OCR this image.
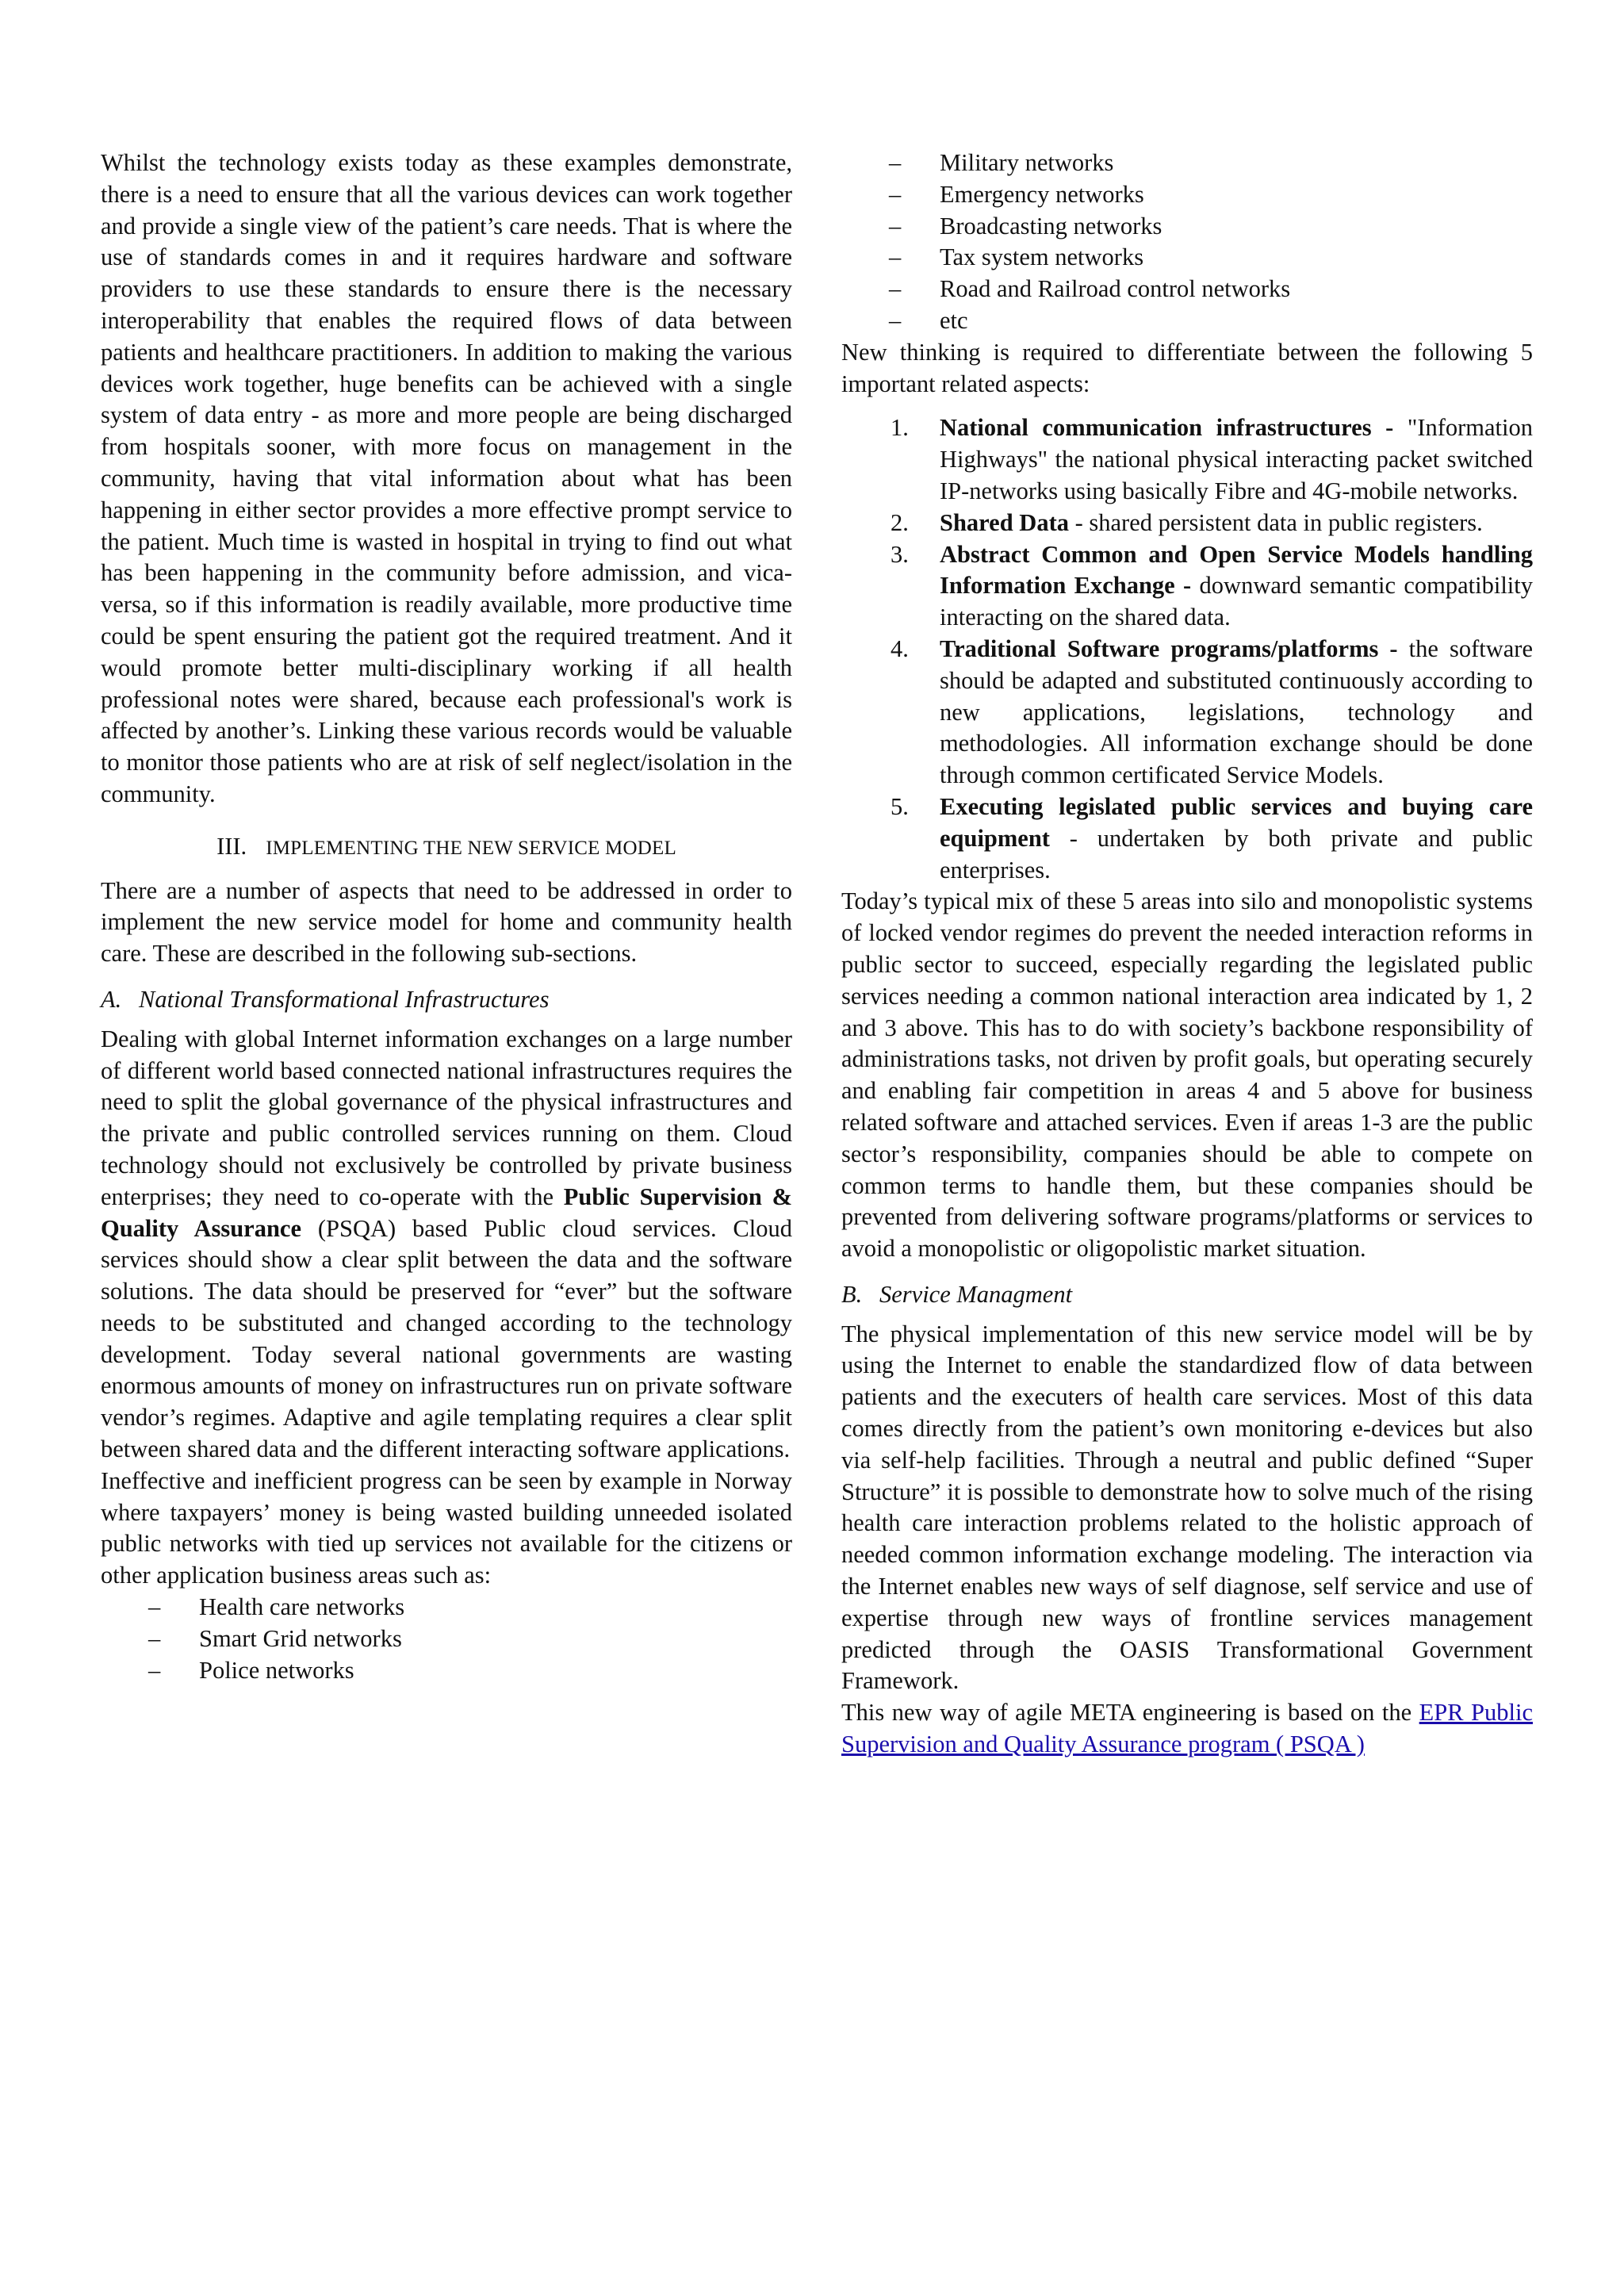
Whilst the technology exists today as these examples demonstrate, there is a need to ensure that all the various devices can work together and provide a single view of the patient’s care needs. That is where the use of standards comes in and it requires hardware and software providers to use these standards to ensure there is the necessary interoperability that enables the required flows of data between patients and healthcare practitioners. In addition to making the various devices work together, huge benefits can be achieved with a single system of data entry - as more and more people are being discharged from hospitals sooner, with more focus on management in the community, having that vital information about what has been happening in either sector provides a more effective prompt service to the patient. Much time is wasted in hospital in trying to find out what has been happening in the community before admission, and vica-versa, so if this information is readily available, more productive time could be spent ensuring the patient got the required treatment. And it would promote better multi-disciplinary working if all health professional notes were shared, because each professional's work is affected by another’s. Linking these various records would be valuable to monitor those patients who are at risk of self neglect/isolation in the community.

III. IMPLEMENTING THE NEW SERVICE MODEL

There are a number of aspects that need to be addressed in order to implement the new service model for home and community health care. These are described in the following sub-sections.

A. National Transformational Infrastructures

Dealing with global Internet information exchanges on a large number of different world based connected national infrastructures requires the need to split the global governance of the physical infrastructures and the private and public controlled services running on them. Cloud technology should not exclusively be controlled by private business enterprises; they need to co-operate with the Public Supervision & Quality Assurance (PSQA) based Public cloud services. Cloud services should show a clear split between the data and the software solutions. The data should be preserved for “ever” but the software needs to be substituted and changed according to the technology development. Today several national governments are wasting enormous amounts of money on infrastructures run on private software vendor’s regimes. Adaptive and agile templating requires a clear split between shared data and the different interacting software applications.

Ineffective and inefficient progress can be seen by example in Norway where taxpayers’ money is being wasted building unneeded isolated public networks with tied up services not available for the citizens or other application business areas such as:

– Health care networks
– Smart Grid networks
– Police networks
– Military networks
– Emergency networks
– Broadcasting networks
– Tax system networks
– Road and Railroad control networks
– etc

New thinking is required to differentiate between the following 5 important related aspects:

1. National communication infrastructures - "Information Highways" the national physical interacting packet switched IP-networks using basically Fibre and 4G-mobile networks.
2. Shared Data - shared persistent data in public registers.
3. Abstract Common and Open Service Models handling Information Exchange - downward semantic compatibility interacting on the shared data.
4. Traditional Software programs/platforms - the software should be adapted and substituted continuously according to new applications, legislations, technology and methodologies. All information exchange should be done through common certificated Service Models.
5. Executing legislated public services and buying care equipment - undertaken by both private and public enterprises.

Today’s typical mix of these 5 areas into silo and monopolistic systems of locked vendor regimes do prevent the needed interaction reforms in public sector to succeed, especially regarding the legislated public services needing a common national interaction area indicated by 1, 2 and 3 above. This has to do with society’s backbone responsibility of administrations tasks, not driven by profit goals, but operating securely and enabling fair competition in areas 4 and 5 above for business related software and attached services. Even if areas 1-3 are the public sector’s responsibility, companies should be able to compete on common terms to handle them, but these companies should be prevented from delivering software programs/platforms or services to avoid a monopolistic or oligopolistic market situation.

B. Service Managment

The physical implementation of this new service model will be by using the Internet to enable the standardized flow of data between patients and the executers of health care services. Most of this data comes directly from the patient’s own monitoring e-devices but also via self-help facilities. Through a neutral and public defined “Super Structure” it is possible to demonstrate how to solve much of the rising health care interaction problems related to the holistic approach of needed common information exchange modeling. The interaction via the Internet enables new ways of self diagnose, self service and use of expertise through new ways of frontline services management predicted through the OASIS Transformational Government Framework.

This new way of agile META engineering is based on the EPR Public Supervision and Quality Assurance program ( PSQA )
